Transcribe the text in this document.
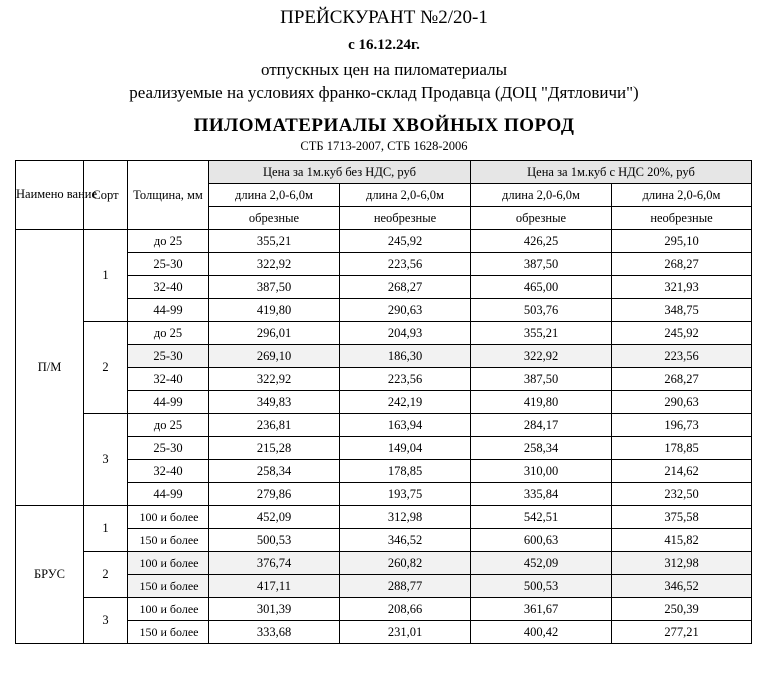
ПРЕЙСКУРАНТ №2/20-1
с 16.12.24г.
отпускных цен на пиломатериалы
реализуемые на условиях франко-склад Продавца (ДОЦ "Дятловичи")
ПИЛОМАТЕРИАЛЫ ХВОЙНЫХ ПОРОД
СТБ 1713-2007, СТБ 1628-2006
Наимено вание	Сорт	Толщина, мм	Цена за 1м.куб без НДС, руб		Цена за 1м.куб с НДС 20%, руб	
			длина 2,0-6,0м	длина 2,0-6,0м	длина 2,0-6,0м	длина 2,0-6,0м
			обрезные	необрезные	обрезные	необрезные
П/М	1	до 25	355,21	245,92	426,25	295,10
		25-30	322,92	223,56	387,50	268,27
		32-40	387,50	268,27	465,00	321,93
		44-99	419,80	290,63	503,76	348,75
	2	до 25	296,01	204,93	355,21	245,92
		25-30	269,10	186,30	322,92	223,56
		32-40	322,92	223,56	387,50	268,27
		44-99	349,83	242,19	419,80	290,63
	3	до 25	236,81	163,94	284,17	196,73
		25-30	215,28	149,04	258,34	178,85
		32-40	258,34	178,85	310,00	214,62
		44-99	279,86	193,75	335,84	232,50
БРУС	1	100 и более	452,09	312,98	542,51	375,58
		150 и более	500,53	346,52	600,63	415,82
	2	100 и более	376,74	260,82	452,09	312,98
		150 и более	417,11	288,77	500,53	346,52
	3	100 и более	301,39	208,66	361,67	250,39
		150 и более	333,68	231,01	400,42	277,21
